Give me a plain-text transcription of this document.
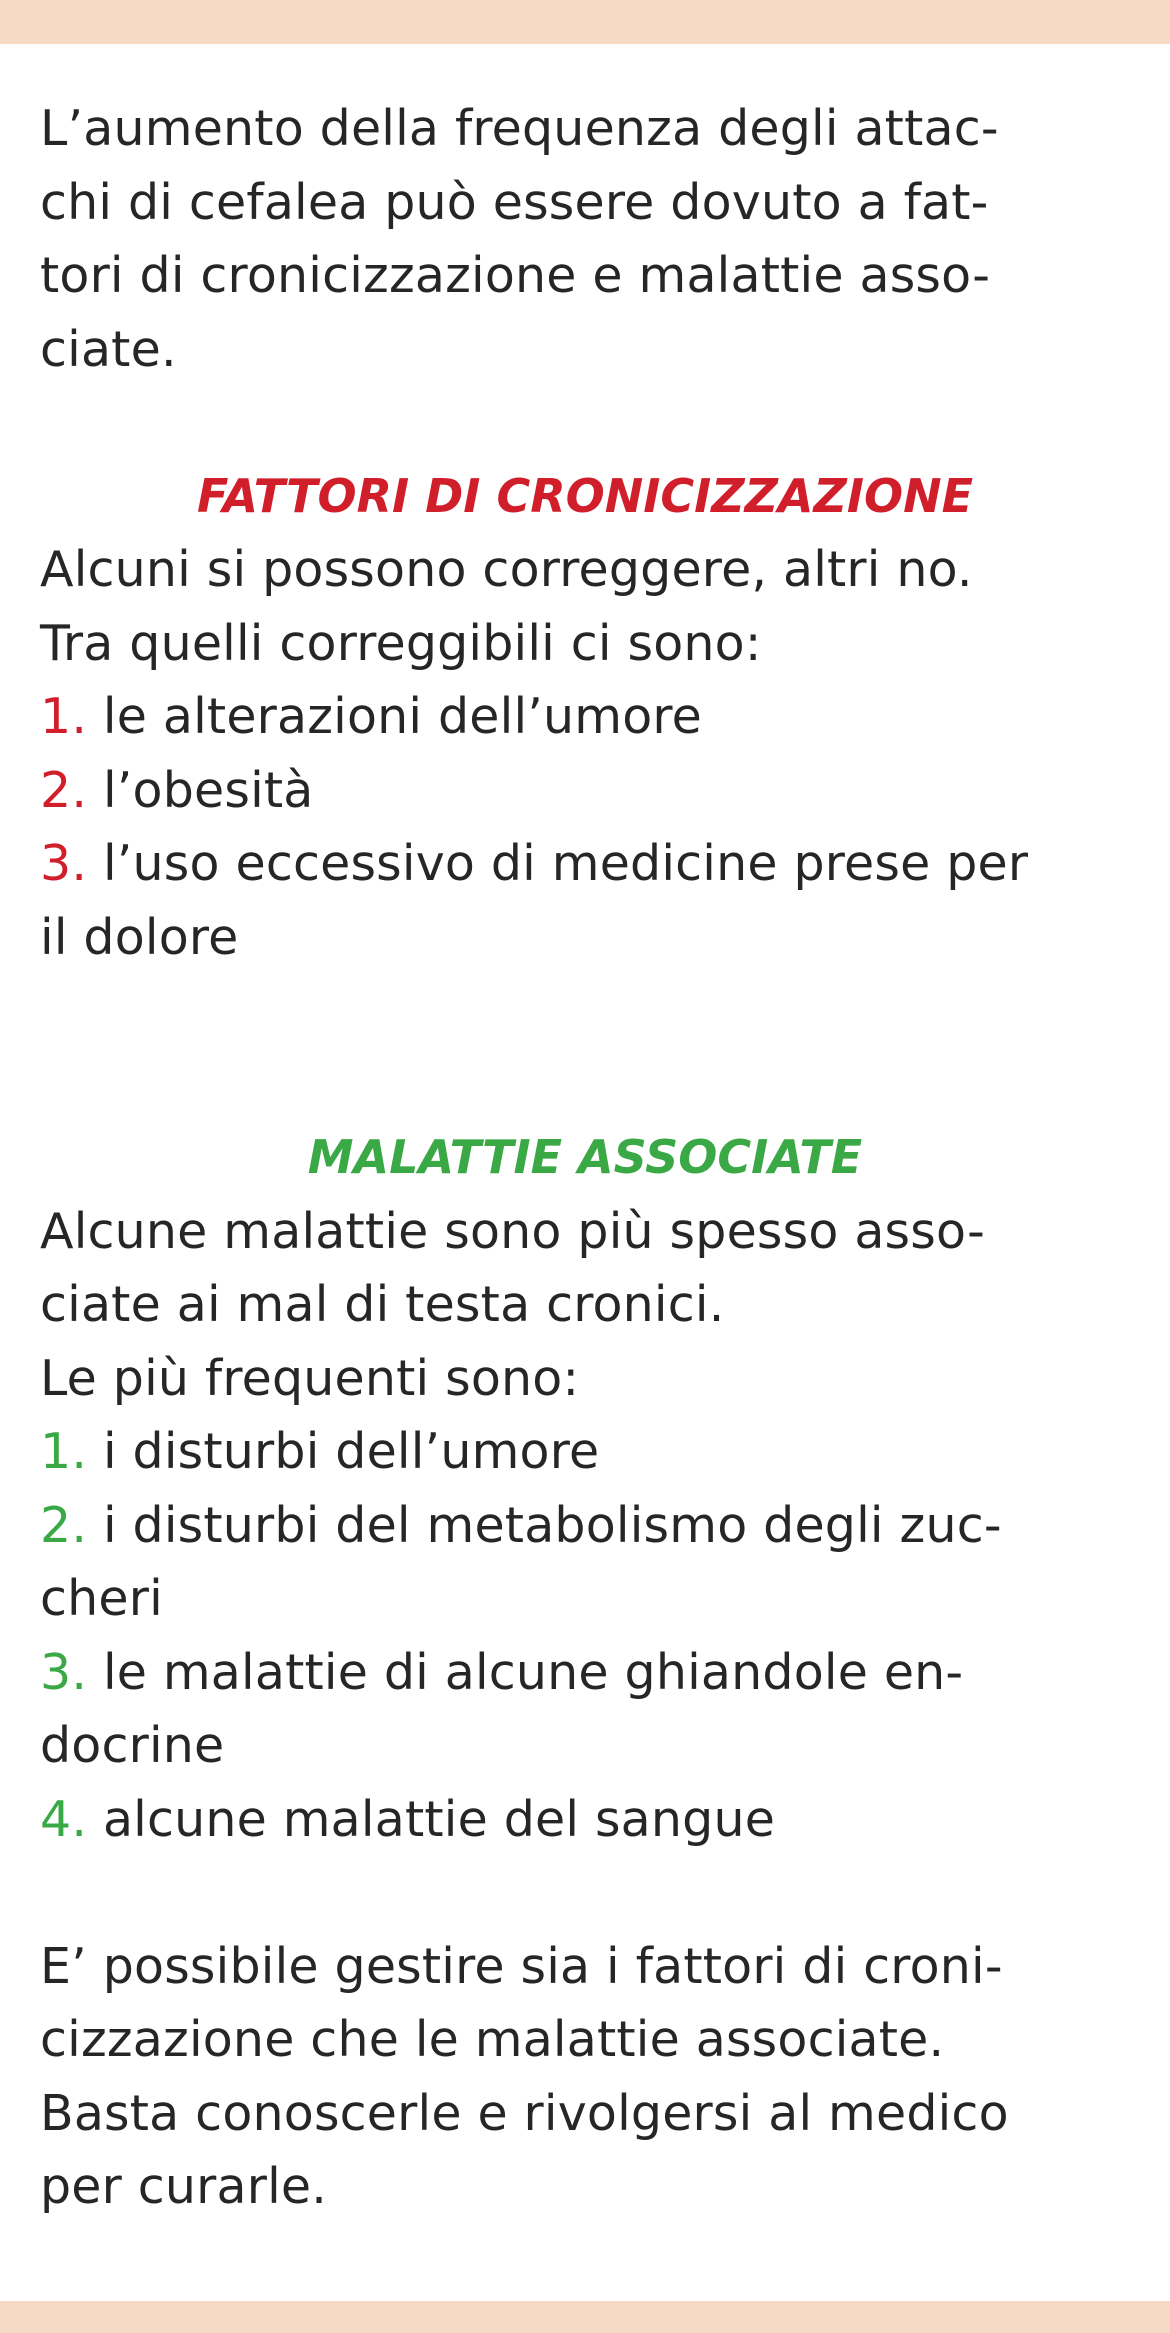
L’aumento della frequenza degli attac-

chi di cefalea può essere dovuto a fat-

tori di cronicizzazione e malattie asso-

ciate.

FATTORI DI CRONICIZZAZIONE

Alcuni si possono correggere, altri no.

Tra quelli correggibili ci sono:

1. le alterazioni dell’umore

2. l’obesità

3. l’uso eccessivo di medicine prese per

il dolore

MALATTIE ASSOCIATE

Alcune malattie sono più spesso asso-

ciate ai mal di testa cronici.

Le più frequenti sono:

1. i disturbi dell’umore

2. i disturbi del metabolismo degli zuc-

cheri

3. le malattie di alcune ghiandole en-

docrine

4. alcune malattie del sangue

E’ possibile gestire sia i fattori di croni-

cizzazione che le malattie associate.

Basta conoscerle e rivolgersi al medico

per curarle.
